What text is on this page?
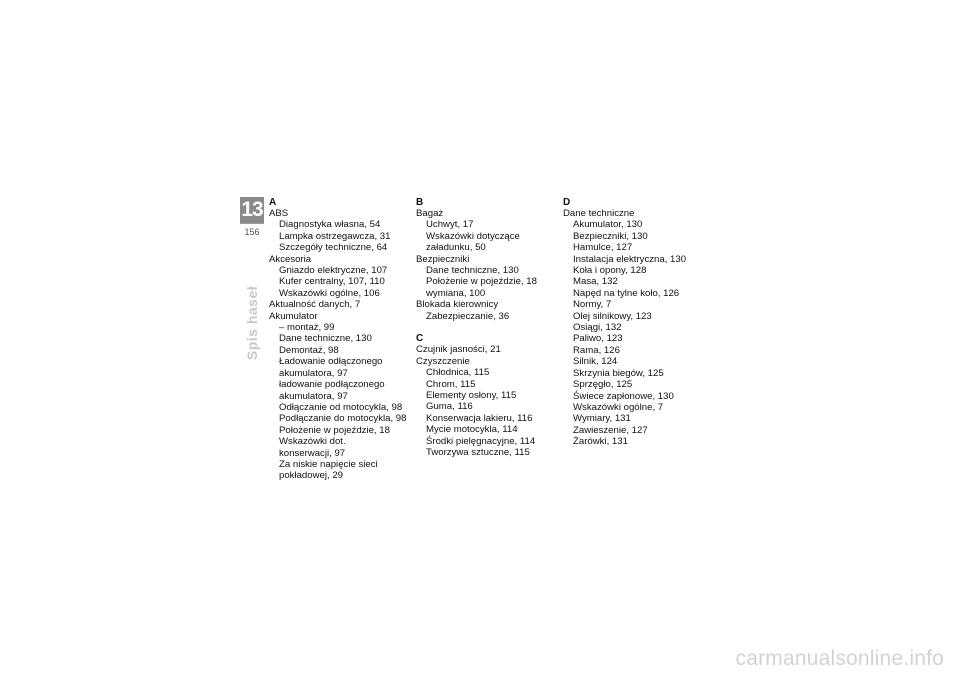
13
156
Spis haseł
A
ABS
Diagnostyka własna, 54
Lampka ostrzegawcza, 31
Szczegóły techniczne, 64
Akcesoria
Gniazdo elektryczne, 107
Kufer centralny, 107, 110
Wskazówki ogólne, 106
Aktualność danych, 7
Akumulator
– montaż, 99
Dane techniczne, 130
Demontaż, 98
Ładowanie odłączonego
akumulatora, 97
ładowanie podłączonego
akumulatora, 97
Odłączanie od motocykla, 98
Podłączanie do motocykla, 98
Położenie w pojeździe, 18
Wskazówki dot.
konserwacji, 97
Za niskie napięcie sieci
pokładowej, 29
B
Bagaż
Uchwyt, 17
Wskazówki dotyczące
załadunku, 50
Bezpieczniki
Dane techniczne, 130
Położenie w pojeździe, 18
wymiana, 100
Blokada kierownicy
Zabezpieczanie, 36
C
Czujnik jasności, 21
Czyszczenie
Chłodnica, 115
Chrom, 115
Elementy osłony, 115
Guma, 116
Konserwacja lakieru, 116
Mycie motocykla, 114
Środki pielęgnacyjne, 114
Tworzywa sztuczne, 115
D
Dane techniczne
Akumulator, 130
Bezpieczniki, 130
Hamulce, 127
Instalacja elektryczna, 130
Koła i opony, 128
Masa, 132
Napęd na tylne koło, 126
Normy, 7
Olej silnikowy, 123
Osiągi, 132
Paliwo, 123
Rama, 126
Silnik, 124
Skrzynia biegów, 125
Sprzęgło, 125
Świece zapłonowe, 130
Wskazówki ogólne, 7
Wymiary, 131
Zawieszenie, 127
Żarówki, 131
carmanualsonline.info
